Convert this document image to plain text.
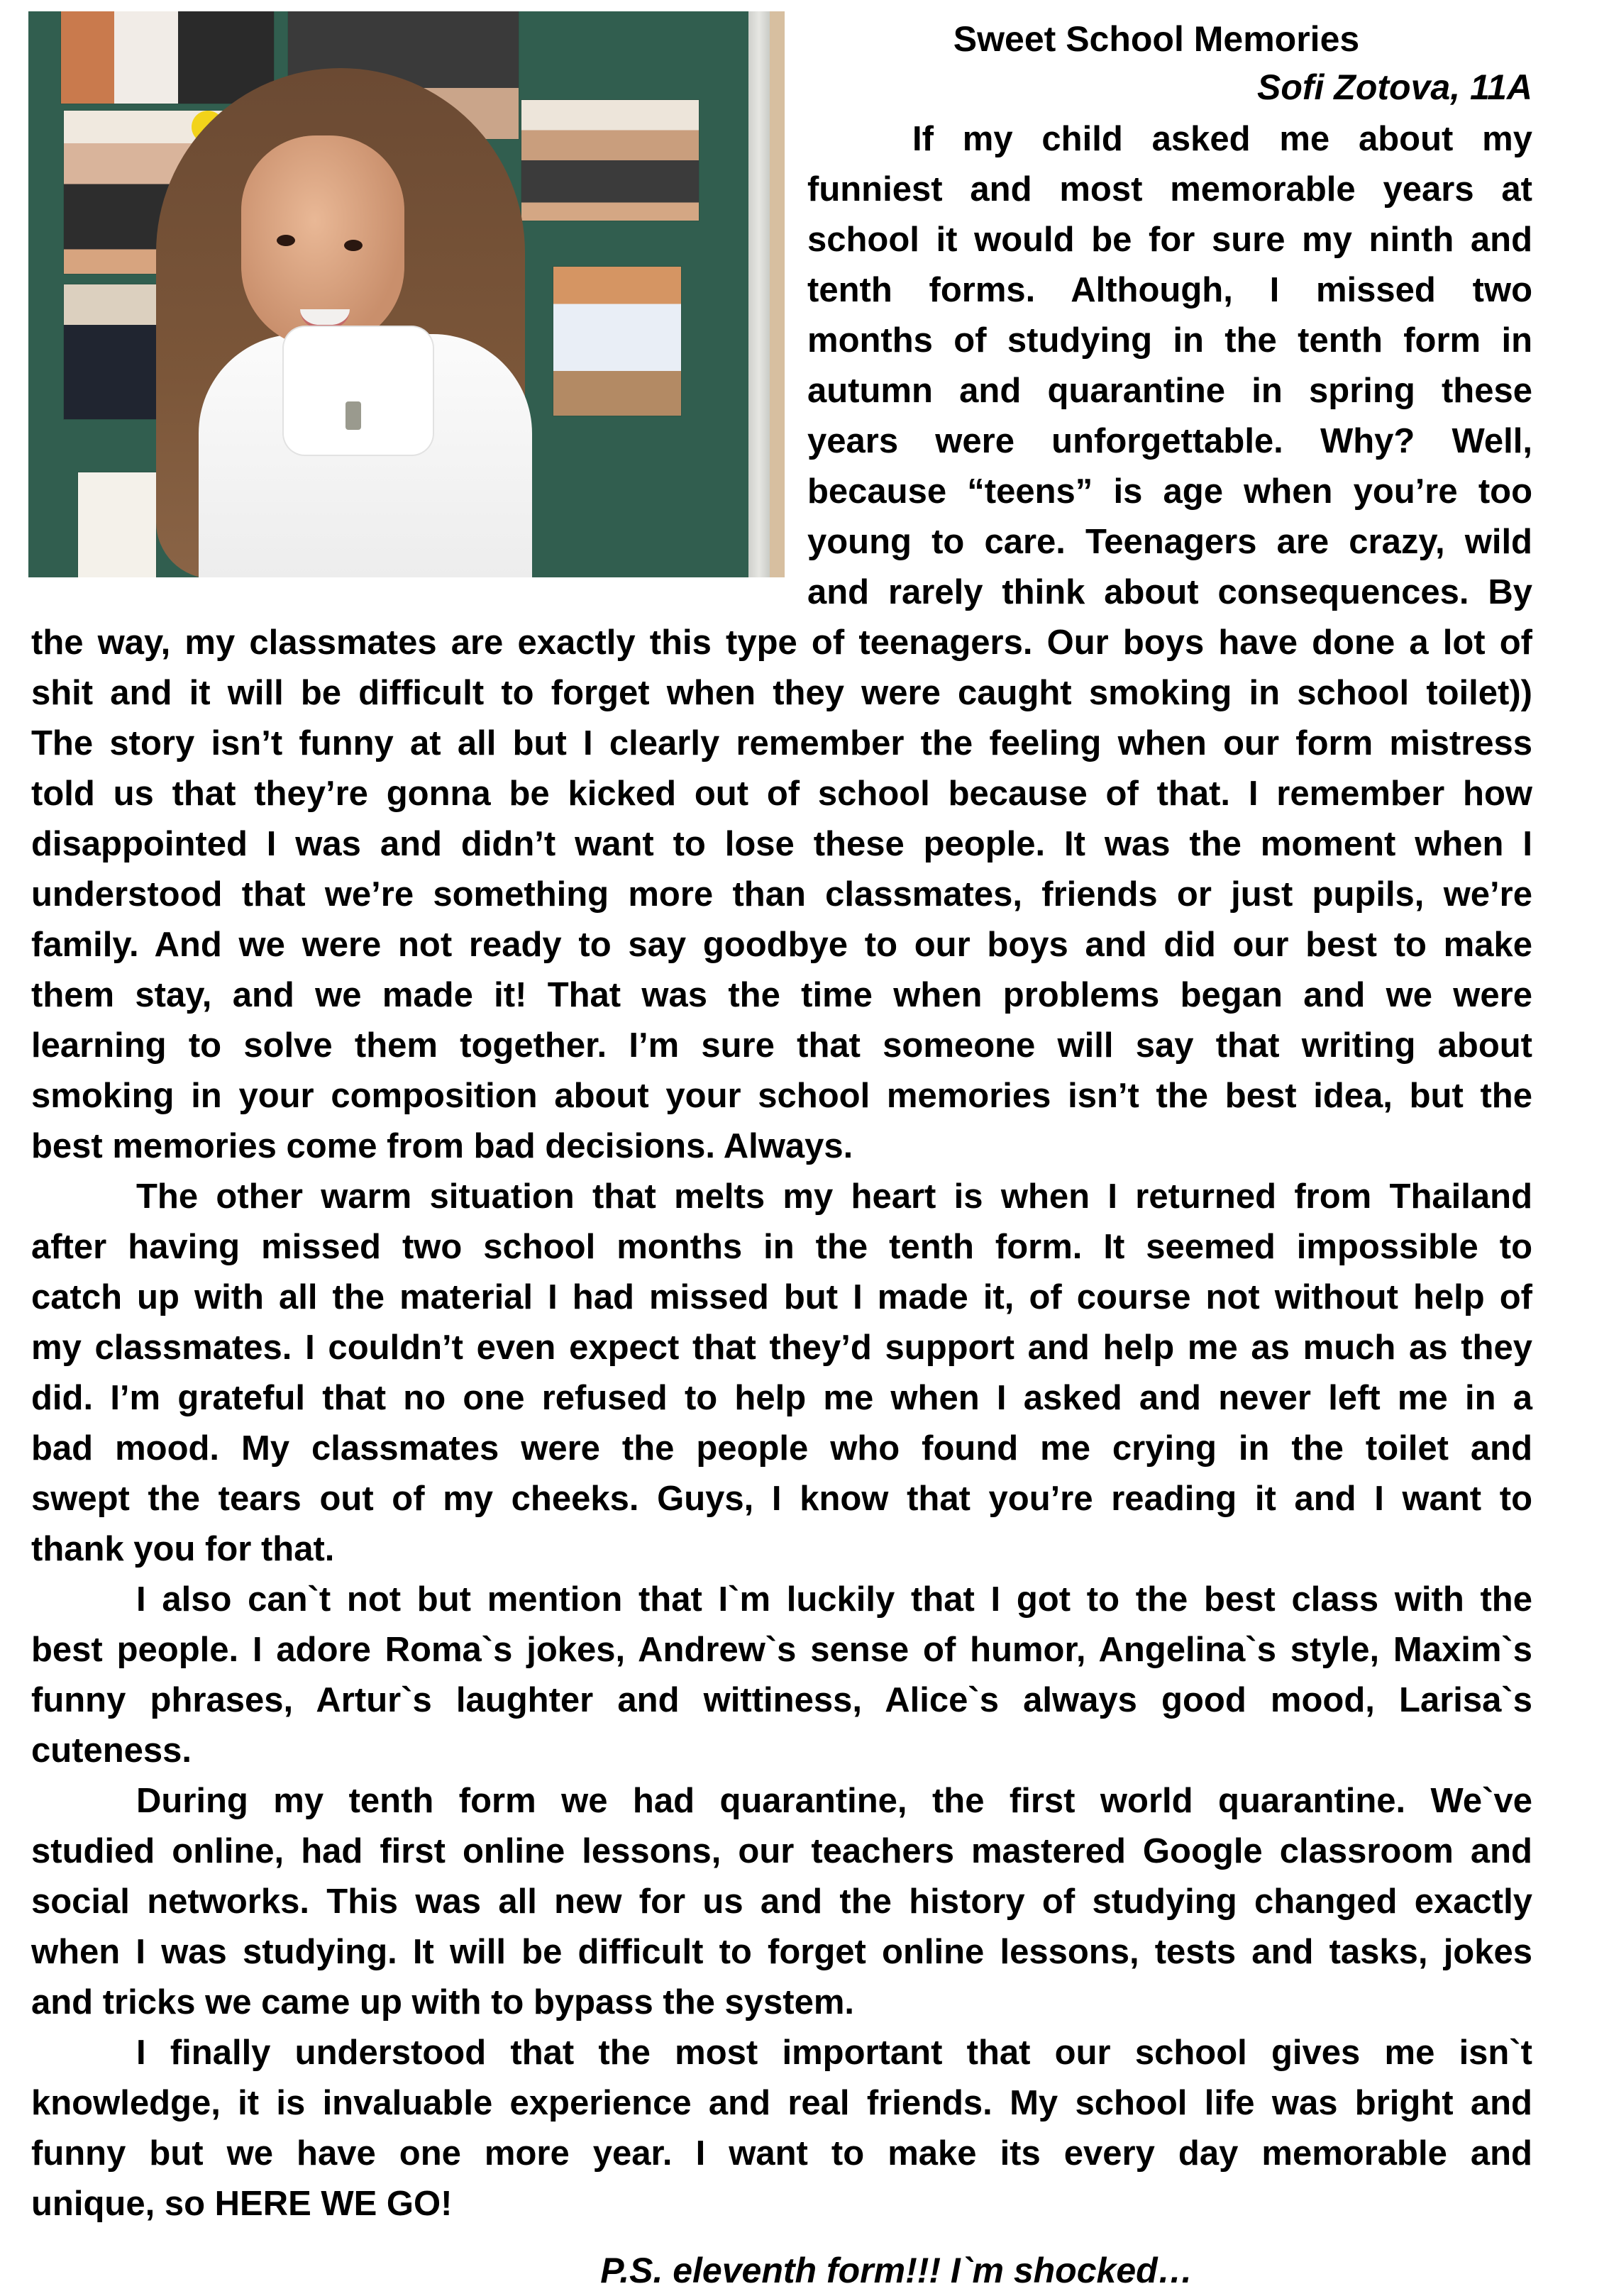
Sweet School Memories
Sofi Zotova, 11A
If my child asked me about my
funniest and most memorable years at
school it would be for sure my ninth and
tenth forms. Although, I missed two
months of studying in the tenth form in
autumn and quarantine in spring these
years were unforgettable. Why? Well,
because “teens” is age when you’re too
young to care. Teenagers are crazy, wild
and rarely think about consequences. By
the way, my classmates are exactly this type of teenagers. Our boys have done a lot of
shit and it will be difficult to forget when they were caught smoking in school toilet))
The story isn’t funny at all but I clearly remember the feeling when our form mistress
told us that they’re gonna be kicked out of school because of that. I remember how
disappointed I was and didn’t want to lose these people. It was the moment when I
understood that we’re something more than classmates, friends or just pupils, we’re
family. And we were not ready to say goodbye to our boys and did our best to make
them stay, and we made it! That was the time when problems began and we were
learning to solve them together. I’m sure that someone will say that writing about
smoking in your composition about your school memories isn’t the best idea, but the
best memories come from bad decisions. Always.
The other warm situation that melts my heart is when I returned from Thailand
after having missed two school months in the tenth form. It seemed impossible to
catch up with all the material I had missed but I made it, of course not without help of
my classmates. I couldn’t even expect that they’d support and help me as much as they
did. I’m grateful that no one refused to help me when I asked and never left me in a
bad mood. My classmates were the people who found me crying in the toilet and
swept the tears out of my cheeks. Guys, I know that you’re reading it and I want to
thank you for that.
I also can`t not but mention that I`m luckily that I got to the best class with the
best people. I adore Roma`s jokes, Andrew`s sense of humor, Angelina`s style, Maxim`s
funny phrases, Artur`s laughter and wittiness, Alice`s always good mood, Larisa`s
cuteness.
During my tenth form we had quarantine, the first world quarantine. We`ve
studied online, had first online lessons, our teachers mastered Google classroom and
social networks. This was all new for us and the history of studying changed exactly
when I was studying. It will be difficult to forget online lessons, tests and tasks, jokes
and tricks we came up with to bypass the system.
I finally understood that the most important that our school gives me isn`t
knowledge, it is invaluable experience and real friends. My school life was bright and
funny but we have one more year. I want to make its every day memorable and
unique, so HERE WE GO!
P.S. eleventh form!!! I`m shocked…
